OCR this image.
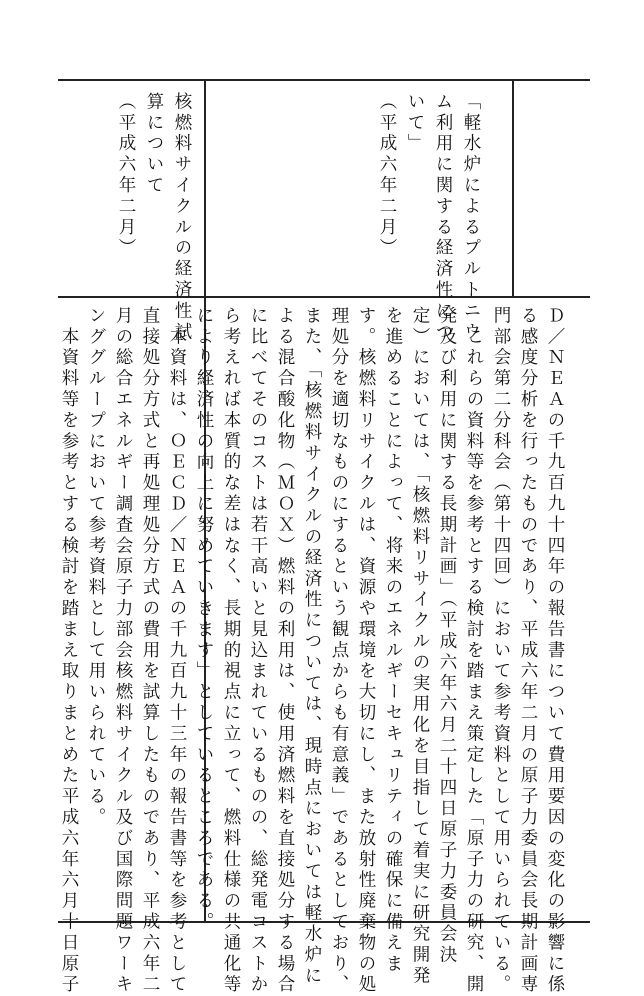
「軽水炉によるプルトニウ
ム利用に関する経済性につ
いて」
（平成六年二月）
核燃料サイクルの経済性試
算について
（平成六年二月）
Ｄ／ＮＥＡの千九百九十四年の報告書について費用要因の変化の影響に係
る感度分析を行ったものであり、平成六年二月の原子力委員会長期計画専
門部会第二分科会（第十四回）において参考資料として用いられている。
　これらの資料等を参考とする検討を踏まえ策定した「原子力の研究、開
発及び利用に関する長期計画」（平成六年六月二十四日原子力委員会決
定）においては、「核燃料リサイクルの実用化を目指して着実に研究開発
を進めることによって、将来のエネルギーセキュリティの確保に備えま
す。核燃料リサイクルは、資源や環境を大切にし、また放射性廃棄物の処
理処分を適切なものにするという観点からも有意義」であるとしており、
また、「核燃料サイクルの経済性については、現時点においては軽水炉に
よる混合酸化物（ＭＯＸ）燃料の利用は、使用済燃料を直接処分する場合
に比べてそのコストは若干高いと見込まれているものの、総発電コストか
ら考えれば本質的な差はなく、長期的視点に立って、燃料仕様の共通化等
により経済性の向上に努めていきます」としているところである。
　本資料は、ＯＥＣＤ／ＮＥＡの千九百九十三年の報告書等を参考として
直接処分方式と再処理処分方式の費用を試算したものであり、平成六年二
月の総合エネルギー調査会原子力部会核燃料サイクル及び国際問題ワーキ
ンググループにおいて参考資料として用いられている。
　本資料等を参考とする検討を踏まえ取りまとめた平成六年六月十日原子
